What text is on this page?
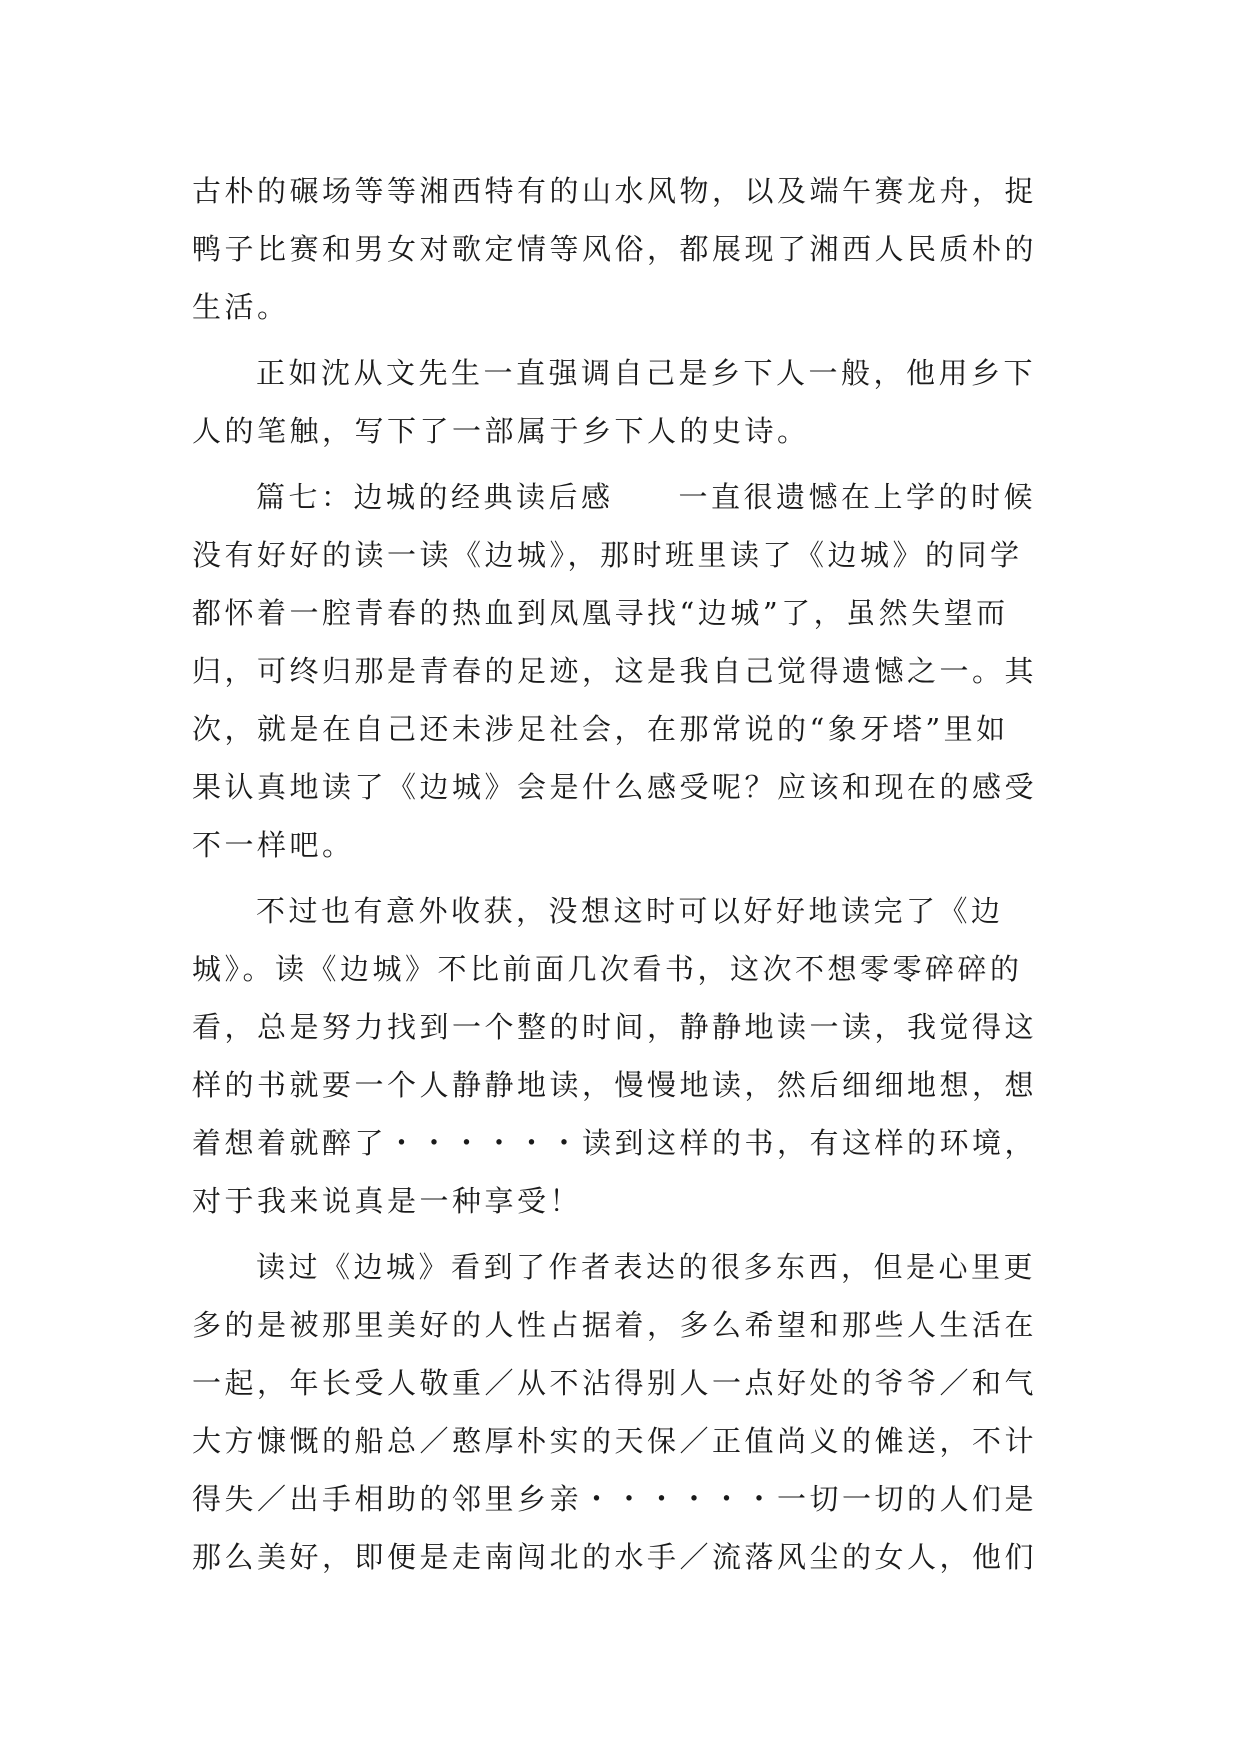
古朴的碾场等等湘西特有的山水风物，以及端午赛龙舟，捉
鸭子比赛和男女对歌定情等风俗，都展现了湘西人民质朴的
生活。
正如沈从文先生一直强调自己是乡下人一般，他用乡下
人的笔触，写下了一部属于乡下人的史诗。
篇七：边城的经典读后感　　一直很遗憾在上学的时候
没有好好的读一读《边城》，那时班里读了《边城》的同学
都怀着一腔青春的热血到凤凰寻找“边城”了，虽然失望而
归，可终归那是青春的足迹，这是我自己觉得遗憾之一。其
次，就是在自己还未涉足社会，在那常说的“象牙塔”里如
果认真地读了《边城》会是什么感受呢？应该和现在的感受
不一样吧。
不过也有意外收获，没想这时可以好好地读完了《边
城》。读《边城》不比前面几次看书，这次不想零零碎碎的
看，总是努力找到一个整的时间，静静地读一读，我觉得这
样的书就要一个人静静地读，慢慢地读，然后细细地想，想
着想着就醉了・・・・・・读到这样的书，有这样的环境，
对于我来说真是一种享受！
读过《边城》看到了作者表达的很多东西，但是心里更
多的是被那里美好的人性占据着，多么希望和那些人生活在
一起，年长受人敬重／从不沾得别人一点好处的爷爷／和气
大方慷慨的船总／憨厚朴实的天保／正值尚义的傩送，不计
得失／出手相助的邻里乡亲・・・・・・一切一切的人们是
那么美好，即便是走南闯北的水手／流落风尘的女人，他们
